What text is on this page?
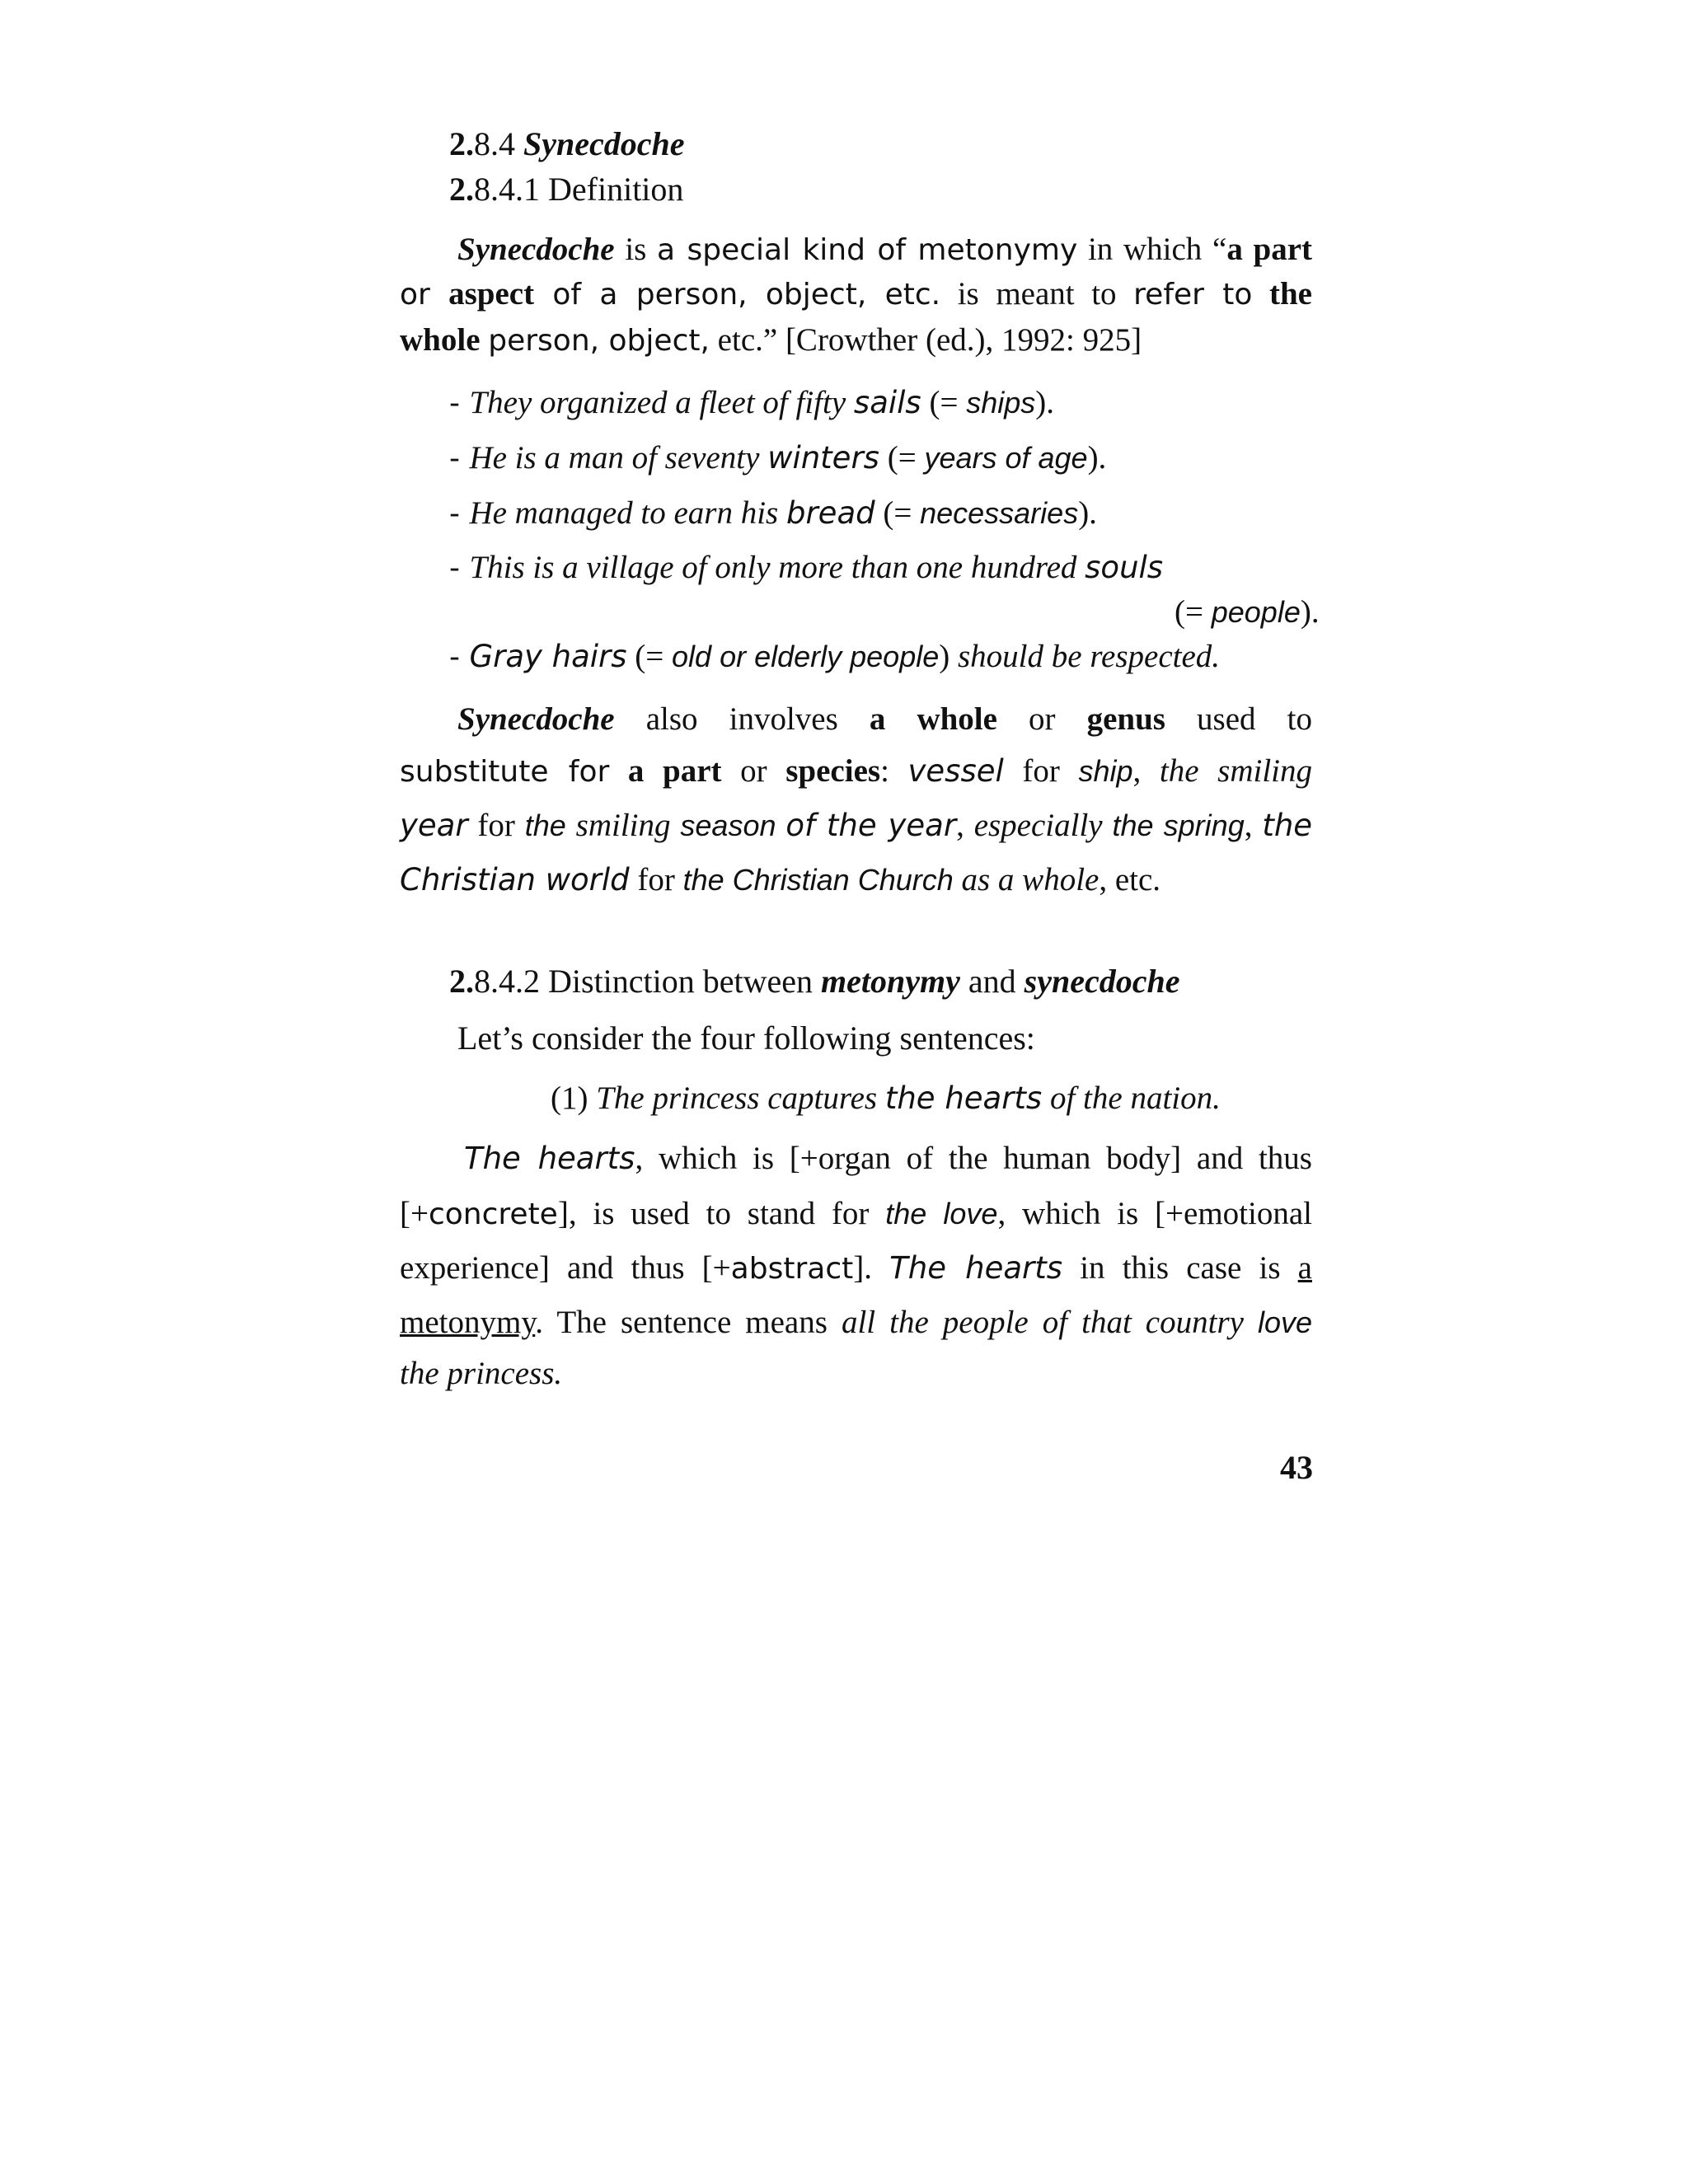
2.8.4 Synecdoche
2.8.4.1 Definition
Synecdoche is a special kind of metonymy in which “a part
or aspect of a person, object, etc. is meant to refer to the
whole person, object, etc.” [Crowther (ed.), 1992: 925]
- They organized a fleet of fifty sails (= ships).
- He is a man of seventy winters (= years of age).
- He managed to earn his bread (= necessaries).
- This is a village of only more than one hundred souls
(= people).
- Gray hairs (= old or elderly people) should be respected.
Synecdoche also involves a whole or genus used to
substitute for a part or species: vessel for ship, the smiling
year for the smiling season of the year, especially the spring, the
Christian world for the Christian Church as a whole, etc.
2.8.4.2 Distinction between metonymy and synecdoche
Let’s consider the four following sentences:
(1) The princess captures the hearts of the nation.
The hearts, which is [+organ of the human body] and thus
[+concrete], is used to stand for the love, which is [+emotional
experience] and thus [+abstract]. The hearts in this case is a
metonymy. The sentence means all the people of that country love
the princess.
43
